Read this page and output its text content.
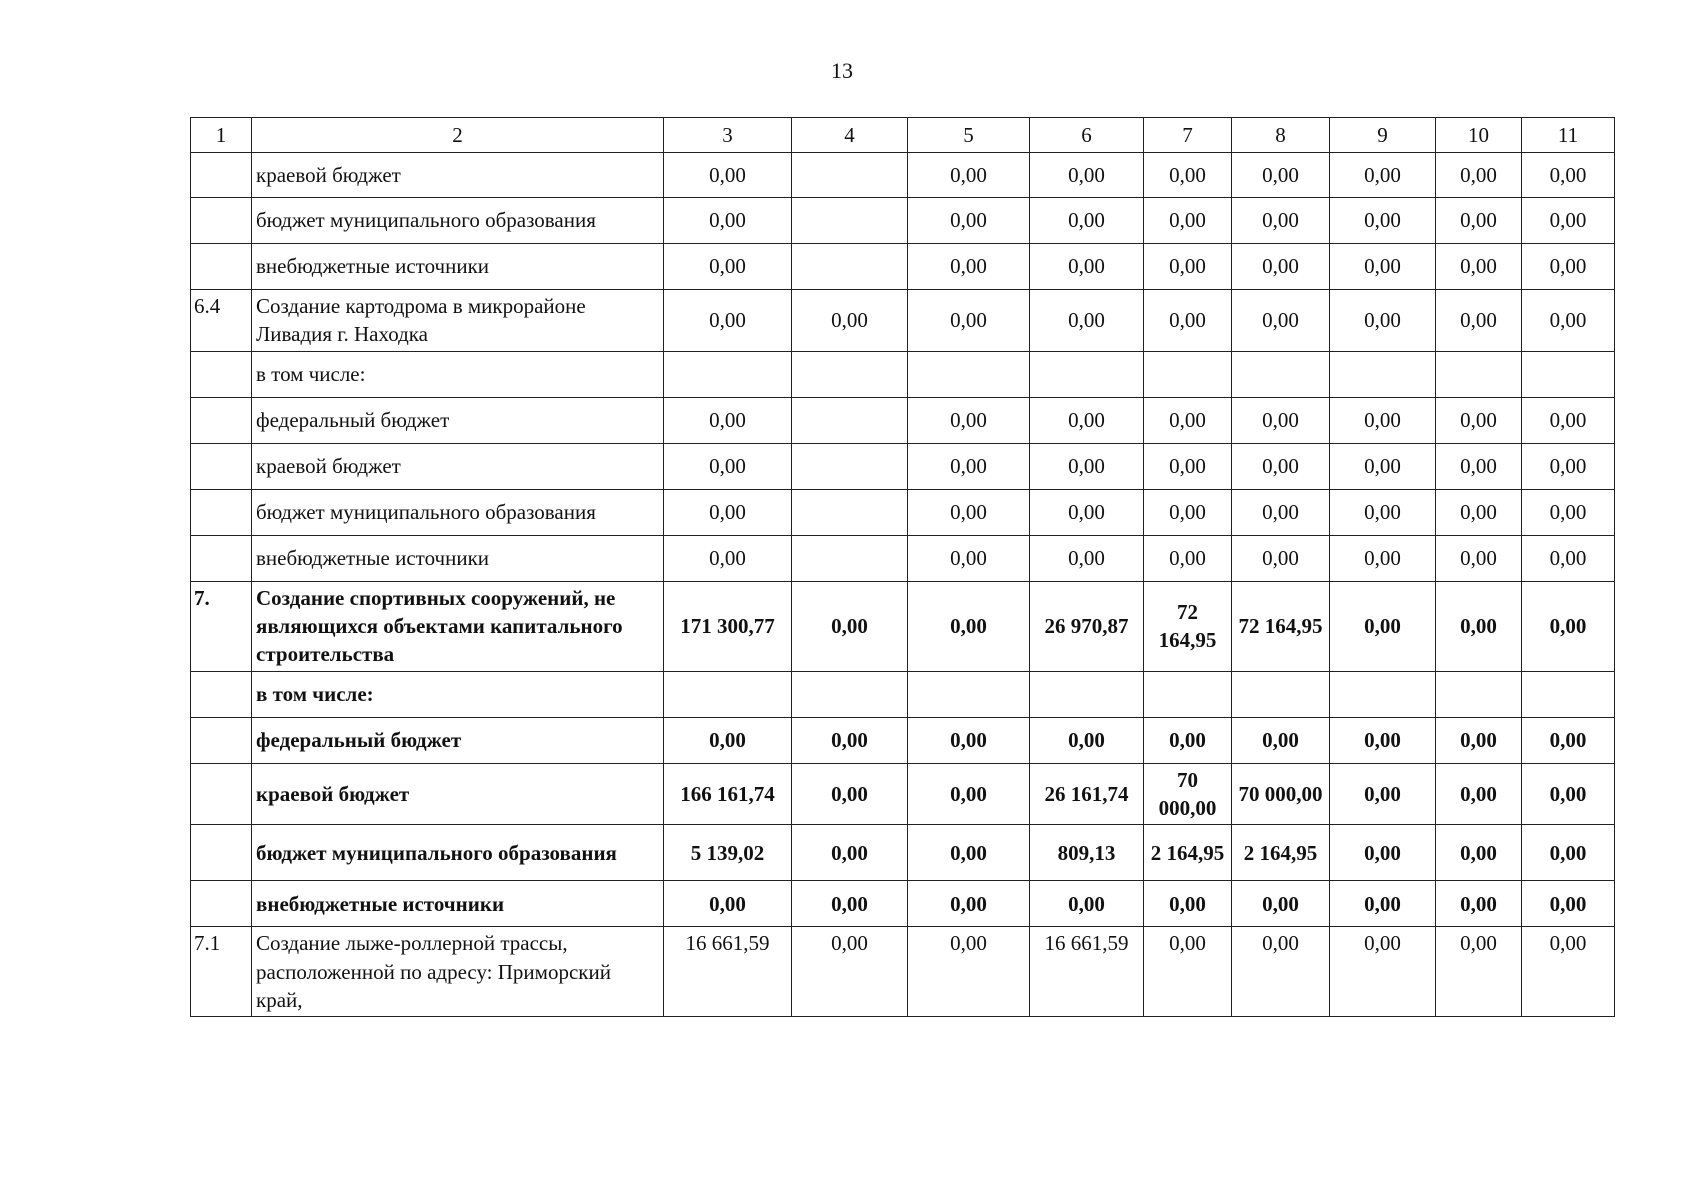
13
1	2	3	4	5	6	7	8	9	10	11
	краевой бюджет	0,00		0,00	0,00	0,00	0,00	0,00	0,00	0,00
	бюджет муниципального образования	0,00		0,00	0,00	0,00	0,00	0,00	0,00	0,00
	внебюджетные источники	0,00		0,00	0,00	0,00	0,00	0,00	0,00	0,00
6.4	Создание картодрома в микрорайоне Ливадия г. Находка	0,00	0,00	0,00	0,00	0,00	0,00	0,00	0,00	0,00
	в том числе:									
	федеральный бюджет	0,00		0,00	0,00	0,00	0,00	0,00	0,00	0,00
	краевой бюджет	0,00		0,00	0,00	0,00	0,00	0,00	0,00	0,00
	бюджет муниципального образования	0,00		0,00	0,00	0,00	0,00	0,00	0,00	0,00
	внебюджетные источники	0,00		0,00	0,00	0,00	0,00	0,00	0,00	0,00
7.	Создание спортивных сооружений, не являющихся объектами капитального строительства	171 300,77	0,00	0,00	26 970,87	72 164,95	72 164,95	0,00	0,00	0,00
	в том числе:									
	федеральный бюджет	0,00	0,00	0,00	0,00	0,00	0,00	0,00	0,00	0,00
	краевой бюджет	166 161,74	0,00	0,00	26 161,74	70 000,00	70 000,00	0,00	0,00	0,00
	бюджет муниципального образования	5 139,02	0,00	0,00	809,13	2 164,95	2 164,95	0,00	0,00	0,00
	внебюджетные источники	0,00	0,00	0,00	0,00	0,00	0,00	0,00	0,00	0,00
7.1	Создание лыже-роллерной трассы, расположенной по адресу: Приморский край,	16 661,59	0,00	0,00	16 661,59	0,00	0,00	0,00	0,00	0,00
